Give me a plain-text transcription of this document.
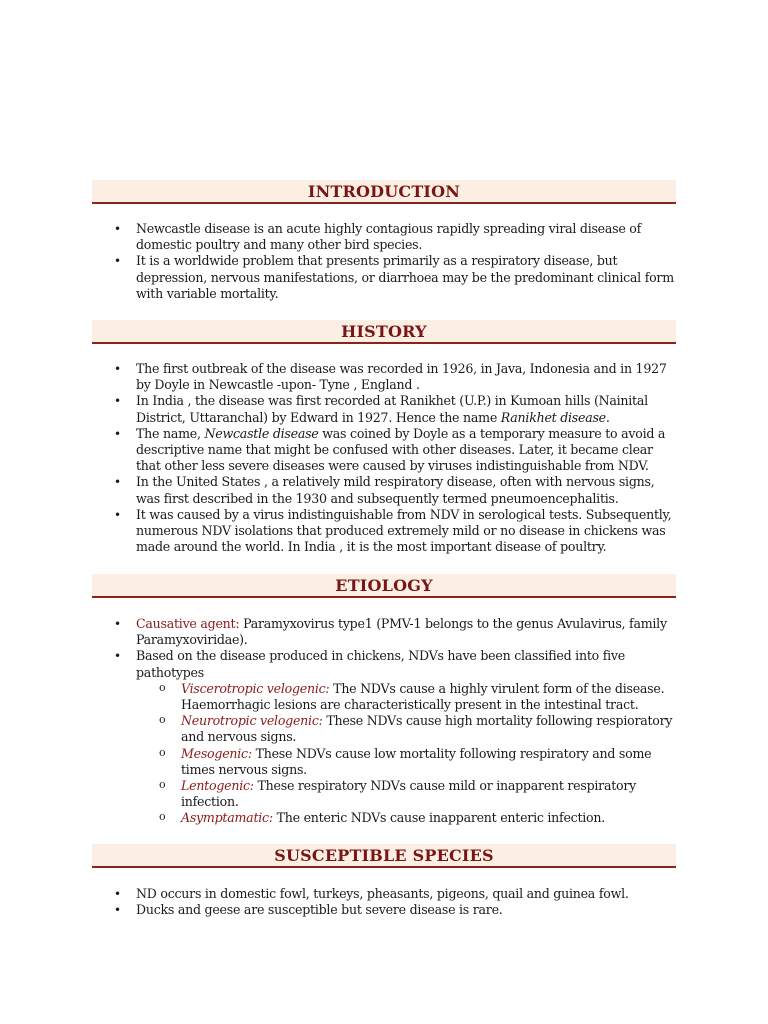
INTRODUCTION
• Newcastle disease is an acute highly contagious rapidly spreading viral disease of domestic poultry and many other bird species.
• It is a worldwide problem that presents primarily as a respiratory disease, but depression, nervous manifestations, or diarrhoea may be the predominant clinical form with variable mortality.
HISTORY
• The first outbreak of the disease was recorded in 1926, in Java, Indonesia and in 1927 by Doyle in Newcastle -upon- Tyne , England .
• In India , the disease was first recorded at Ranikhet (U.P.) in Kumoan hills (Nainital District, Uttaranchal) by Edward in 1927. Hence the name Ranikhet disease.
• The name, Newcastle disease was coined by Doyle as a temporary measure to avoid a descriptive name that might be confused with other diseases. Later, it became clear that other less severe diseases were caused by viruses indistinguishable from NDV.
• In the United States , a relatively mild respiratory disease, often with nervous signs, was first described in the 1930 and subsequently termed pneumoencephalitis.
• It was caused by a virus indistinguishable from NDV in serological tests. Subsequently, numerous NDV isolations that produced extremely mild or no disease in chickens was made around the world. In India , it is the most important disease of poultry.
ETIOLOGY
• Causative agent: Paramyxovirus type1 (PMV-1 belongs to the genus Avulavirus, family Paramyxoviridae).
• Based on the disease produced in chickens, NDVs have been classified into five pathotypes
o Viscerotropic velogenic: The NDVs cause a highly virulent form of the disease. Haemorrhagic lesions are characteristically present in the intestinal tract.
o Neurotropic velogenic: These NDVs cause high mortality following respioratory and nervous signs.
o Mesogenic: These NDVs cause low mortality following respiratory and some times nervous signs.
o Lentogenic: These respiratory NDVs cause mild or inapparent respiratory infection.
o Asymptamatic: The enteric NDVs cause inapparent enteric infection.
SUSCEPTIBLE SPECIES
• ND occurs in domestic fowl, turkeys, pheasants, pigeons, quail and guinea fowl.
• Ducks and geese are susceptible but severe disease is rare.
